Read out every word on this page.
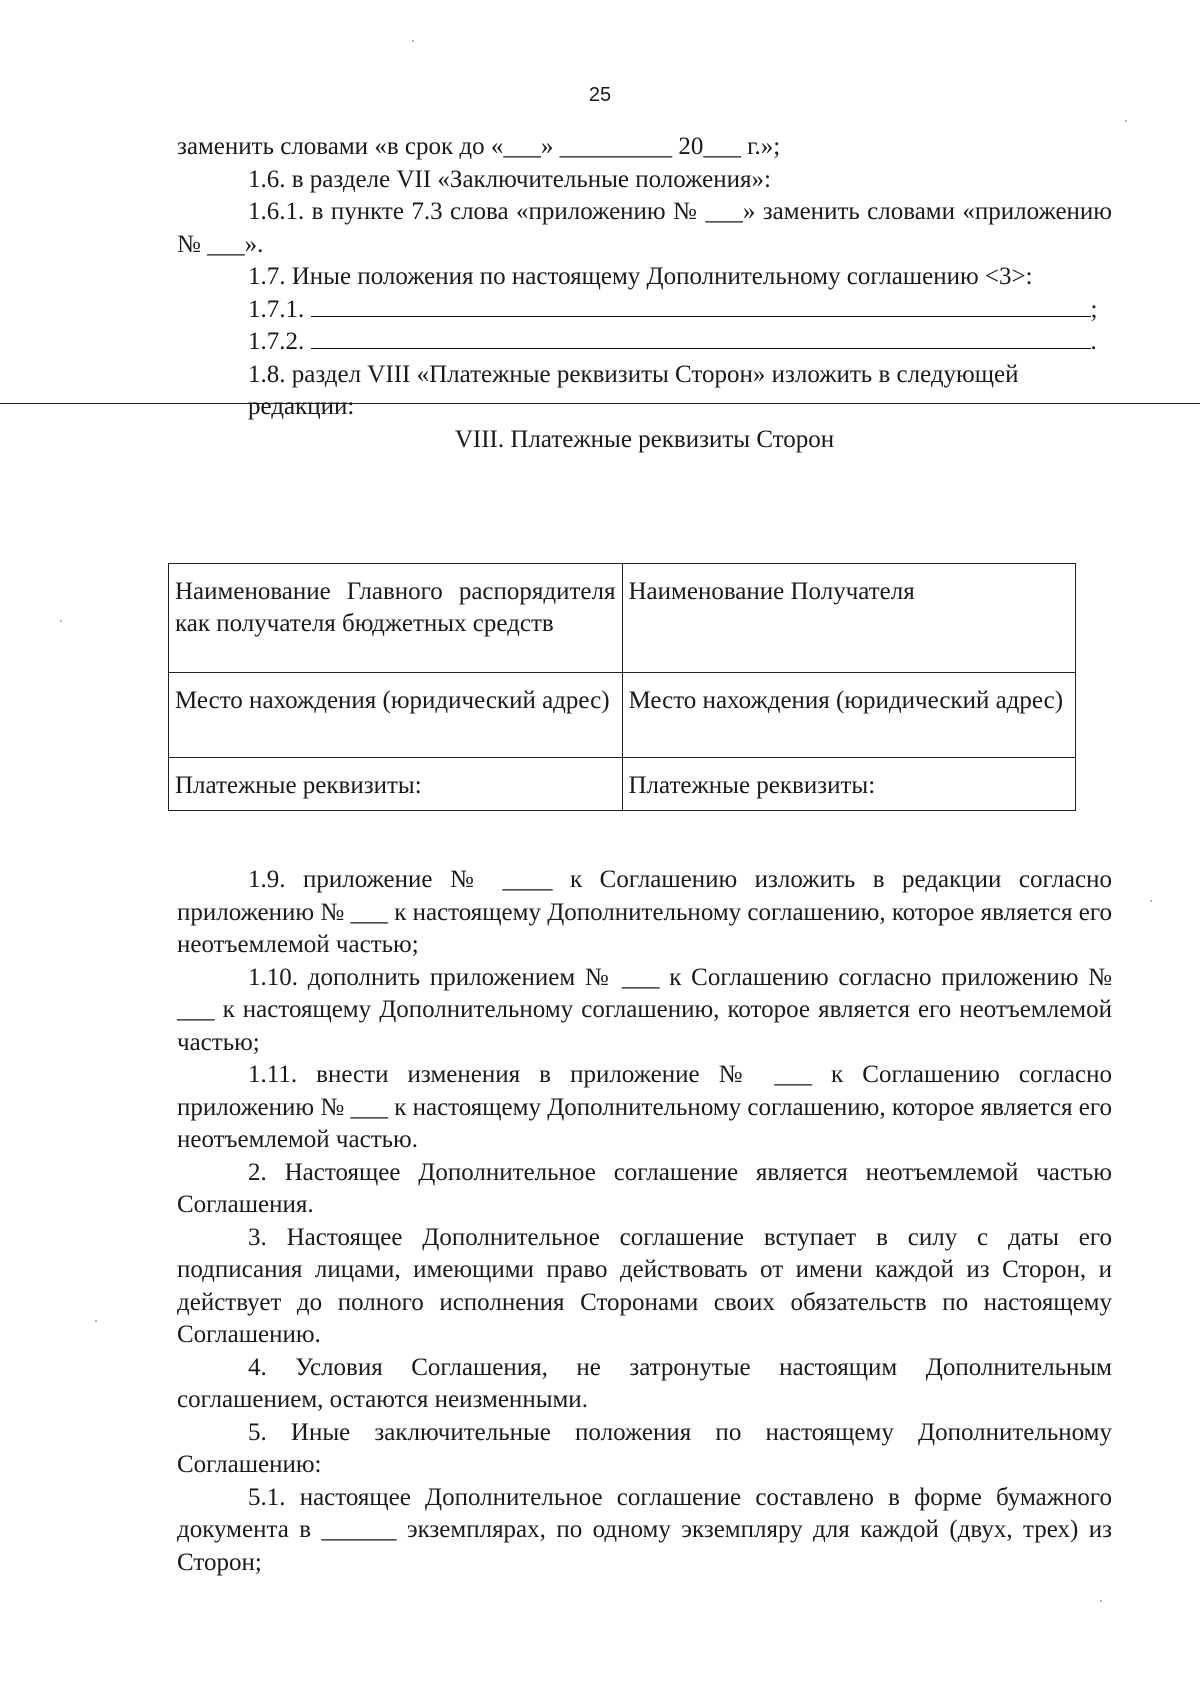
25

заменить словами «в срок до «___» _________ 20___ г.»;

1.6. в разделе VII «Заключительные положения»:

1.6.1. в пункте 7.3 слова «приложению № ___» заменить словами «приложению № ___».

1.7. Иные положения по настоящему Дополнительному соглашению <3>:

1.7.1.	;

1.7.2.	.

1.8. раздел VIII «Платежные реквизиты Сторон» изложить в следующей

редакции:

VIII. Платежные реквизиты Сторон

Наименование Главного распорядителя как получателя бюджетных средств	Наименование Получателя
Место нахождения (юридический адрес)	Место нахождения (юридический адрес)
Платежные реквизиты:	Платежные реквизиты:

1.9. приложение № ____ к Соглашению изложить в редакции согласно приложению № ___ к настоящему Дополнительному соглашению, которое является его неотъемлемой частью;

1.10. дополнить приложением № ___ к Соглашению согласно приложению № ___ к настоящему Дополнительному соглашению, которое является его неотъемлемой частью;

1.11. внести изменения в приложение № ___ к Соглашению согласно приложению № ___ к настоящему Дополнительному соглашению, которое является его неотъемлемой частью.

2. Настоящее Дополнительное соглашение является неотъемлемой частью Соглашения.

3. Настоящее Дополнительное соглашение вступает в силу с даты его подписания лицами, имеющими право действовать от имени каждой из Сторон, и действует до полного исполнения Сторонами своих обязательств по настоящему Соглашению.

4. Условия Соглашения, не затронутые настоящим Дополнительным соглашением, остаются неизменными.

5. Иные заключительные положения по настоящему Дополнительному Соглашению:

5.1. настоящее Дополнительное соглашение составлено в форме бумажного документа в ______ экземплярах, по одному экземпляру для каждой (двух, трех) из Сторон;
